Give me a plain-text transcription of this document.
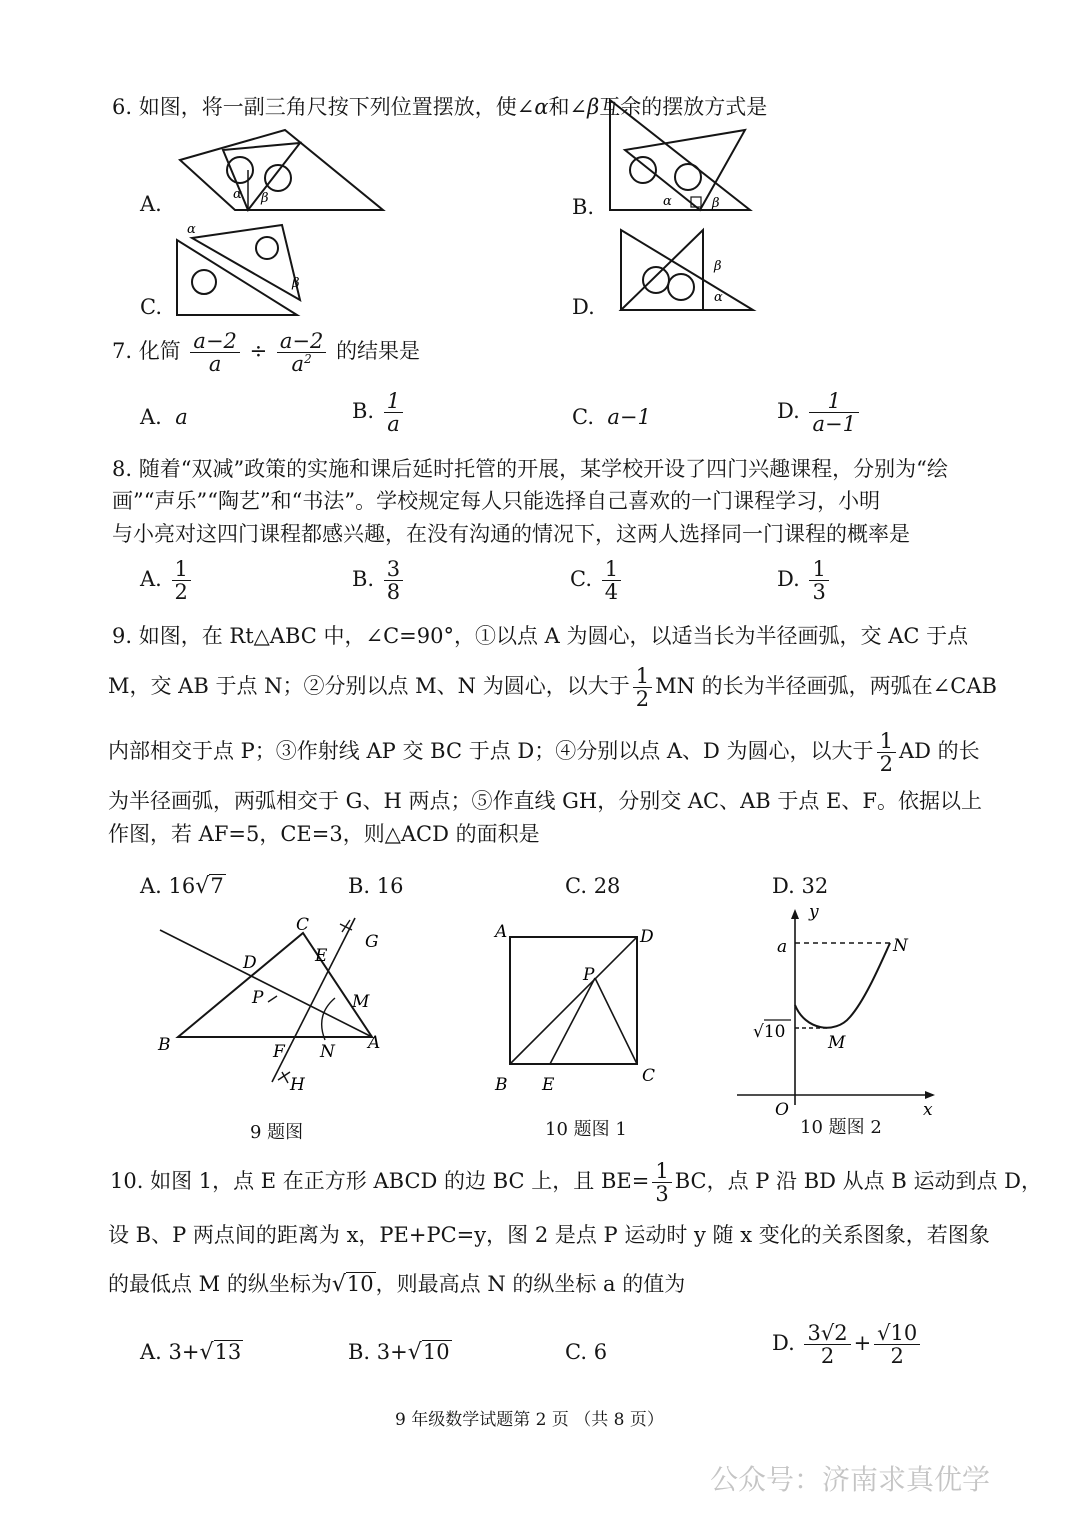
6. 如图，将一副三角尺按下列位置摆放，使∠α和∠β互余的摆放方式是
A.	α β	B.	α	β
C.
α
β
D.
β
α
7. 化简 $\frac{a-2}{a} \div \frac{a-2}{a^2}$ 的结果是
A. a	B. $\frac{1}{a}$	C. a−1	D. $\frac{1}{a-1}$
8. 随着“双减”政策的实施和课后延时托管的开展，某学校开设了四门兴趣课程，分别为“绘
画”“声乐”“陶艺”和“书法”。学校规定每人只能选择自己喜欢的一门课程学习，小明
与小亮对这四门课程都感兴趣，在没有沟通的情况下，这两人选择同一门课程的概率是
A. $\frac{1}{2}$	B. $\frac{3}{8}$	C. $\frac{1}{4}$	D. $\frac{1}{3}$
9. 如图，在 Rt△ABC 中，∠C=90°，①以点 A 为圆心，以适当长为半径画弧，交 AC 于点
M，交 AB 于点 N；②分别以点 M、N 为圆心，以大于 $\frac{1}{2}$ MN 的长为半径画弧，两弧在∠CAB
内部相交于点 P；③作射线 AP 交 BC 于点 D；④分别以点 A、D 为圆心，以大于 $\frac{1}{2}$ AD 的长
为半径画弧，两弧相交于 G、H 两点；⑤作直线 GH，分别交 AC、AB 于点 E、F。依据以上
作图，若 AF=5，CE=3，则△ACD 的面积是
A. 16√7	B. 16	C. 28	D. 32
C
G
D	E
P	M
B	F N A
H
9 题图
A	D
P
B E	C
10 题图 1
y
a	N
√10
M
O	x
10 题图 2
10. 如图 1，点 E 在正方形 ABCD 的边 BC 上，且 $BE= \frac{1}{3}$ BC，点 P 沿 BD 从点 B 运动到点 D，
设 B、P 两点间的距离为 x，PE+PC=y，图 2 是点 P 运动时 y 随 x 变化的关系图象，若图象
的最低点 M 的纵坐标为√10，则最高点 N 的纵坐标 a 的值为
A. 3+√13	B. 3+√10	C. 6	D. $\frac{3√2}{2} + \frac{√10}{2}$
9 年级数学试题第 2 页 （共 8 页）
公众号：济南求真优学
